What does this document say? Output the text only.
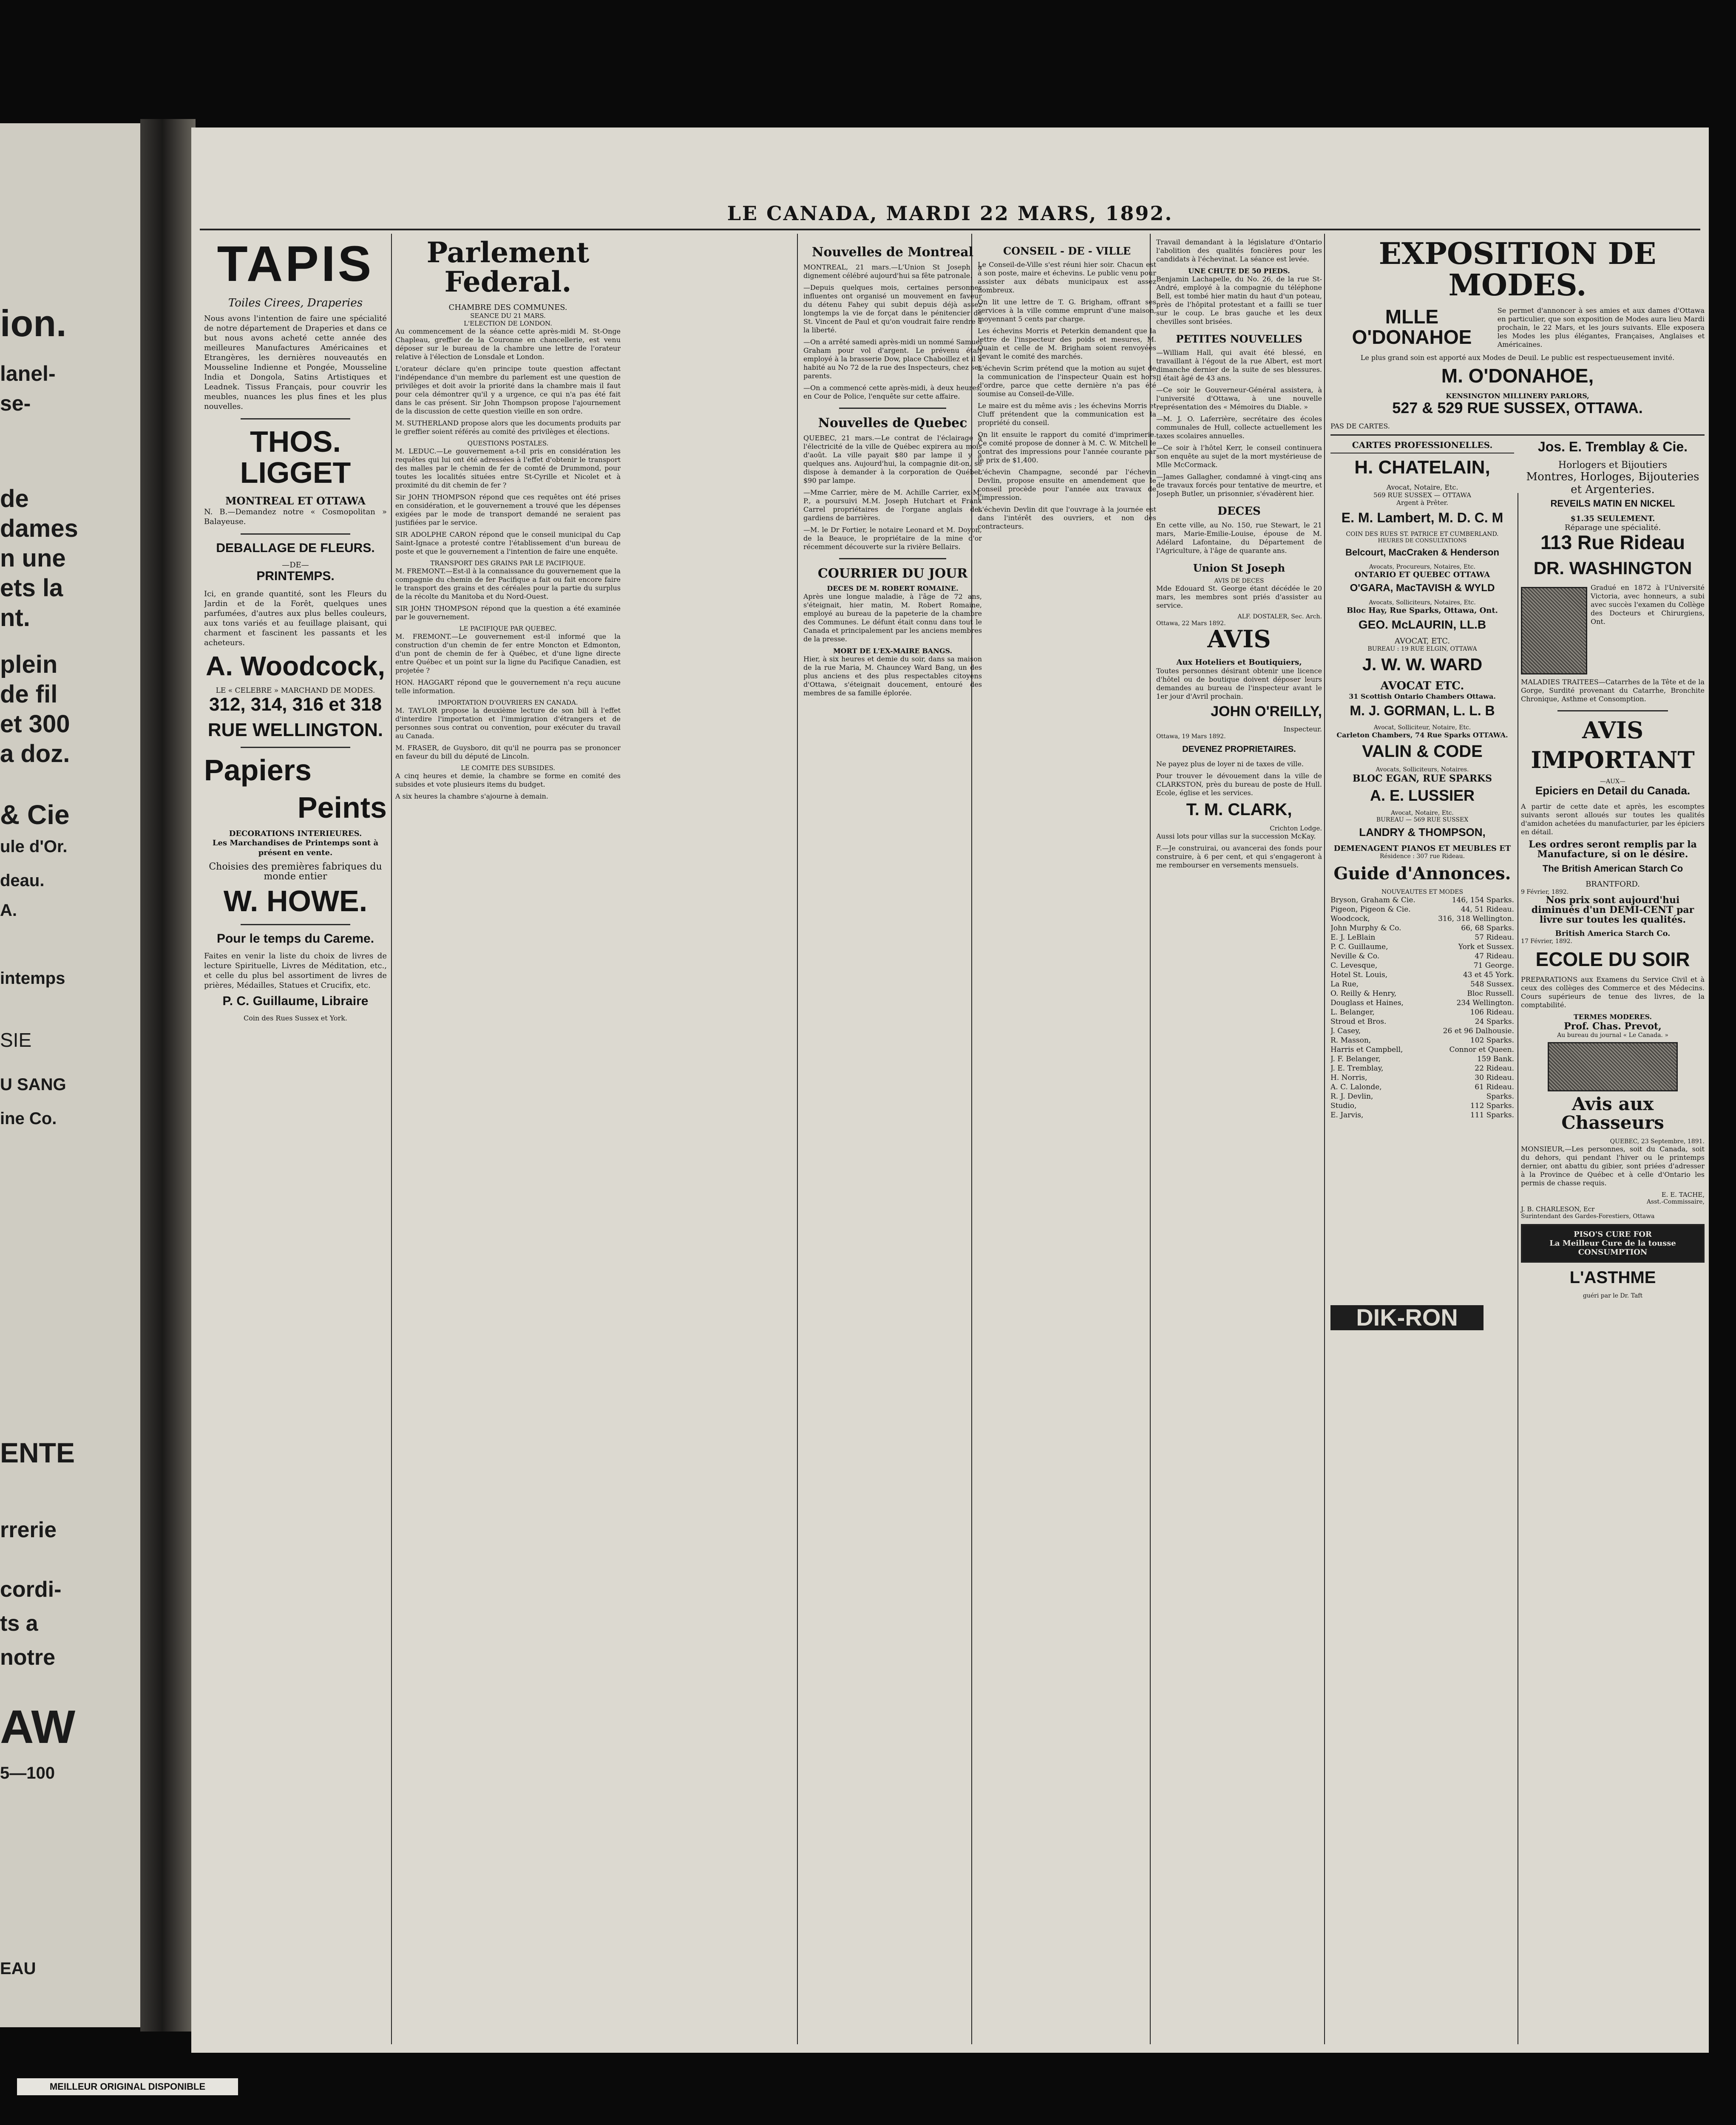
ion.
lanel-
se-
de
dames
n une
ets la
nt.
plein
de fil
et 300
a doz.
& Cie
ule d'Or.
deau.
A.
intemps
SIE
U SANG
ine Co.
ENTE
rrerie
cordi-
ts a
notre
AW
5—100
EAU
LE CANADA, MARDI 22 MARS, 1892.
TAPIS
Toiles Cirees, Draperies

Nous avons l'intention de faire une spécialité de notre département de Draperies et dans ce but nous avons acheté cette année des meilleures Manufactures Américaines et Etrangères, les dernières nouveautés en Mousseline Indienne et Pongée, Mousseline India et Dongola, Satins Artistiques et Leadnek. Tissus Français, pour couvrir les meubles, nuances les plus fines et les plus nouvelles.

THOS. LIGGET
MONTREAL ET OTTAWA

N. B.—Demandez notre « Cosmopolitan » Balayeuse.

DEBALLAGE DE FLEURS.
—DE—
PRINTEMPS.

Ici, en grande quantité, sont les Fleurs du Jardin et de la Forêt, quelques unes parfumées, d'autres aux plus belles couleurs, aux tons variés et au feuillage plaisant, qui charment et fascinent les passants et les acheteurs.

A. Woodcock,
LE « CELEBRE » MARCHAND DE MODES.
312, 314, 316 et 318
RUE WELLINGTON.
Papiers
Peints
DECORATIONS INTERIEURES.

Les Marchandises de Printemps sont à présent en vente.

Choisies des premières fabriques du monde entier

W. HOWE.
Pour le temps du Careme.

Faites en venir la liste du choix de livres de lecture Spirituelle, Livres de Méditation, etc., et celle du plus bel assortiment de livres de prières, Médailles, Statues et Crucifix, etc.

P. C. Guillaume, Libraire
Coin des Rues Sussex et York.
Parlement Federal.
CHAMBRE DES COMMUNES.
SEANCE DU 21 MARS.
L'ELECTION DE LONDON.

Au commencement de la séance cette après-midi M. St-Onge Chapleau, greffier de la Couronne en chancellerie, est venu déposer sur le bureau de la chambre une lettre de l'orateur relative à l'élection de Lonsdale et London.

L'orateur déclare qu'en principe toute question affectant l'indépendance d'un membre du parlement est une question de privilèges et doit avoir la priorité dans la chambre mais il faut pour cela démontrer qu'il y a urgence, ce qui n'a pas été fait dans le cas présent. Sir John Thompson propose l'ajournement de la discussion de cette question vieille en son ordre.

M. SUTHERLAND propose alors que les documents produits par le greffier soient référés au comité des privilèges et élections.

QUESTIONS POSTALES.

M. LEDUC.—Le gouvernement a-t-il pris en considération les requêtes qui lui ont été adressées à l'effet d'obtenir le transport des malles par le chemin de fer de comté de Drummond, pour toutes les localités situées entre St-Cyrille et Nicolet et à proximité du dit chemin de fer ?

Sir JOHN THOMPSON répond que ces requêtes ont été prises en considération, et le gouvernement a trouvé que les dépenses exigées par le mode de transport demandé ne seraient pas justifiées par le service.

SIR ADOLPHE CARON répond que le conseil municipal du Cap Saint-Ignace a protesté contre l'établissement d'un bureau de poste et que le gouvernement a l'intention de faire une enquête.

TRANSPORT DES GRAINS PAR LE PACIFIQUE.

M. FREMONT.—Est-il à la connaissance du gouvernement que la compagnie du chemin de fer Pacifique a fait ou fait encore faire le transport des grains et des céréales pour la partie du surplus de la récolte du Manitoba et du Nord-Ouest.

SIR JOHN THOMPSON répond que la question a été examinée par le gouvernement.

LE PACIFIQUE PAR QUEBEC.

M. FREMONT.—Le gouvernement est-il informé que la construction d'un chemin de fer entre Moncton et Edmonton, d'un pont de chemin de fer à Québec, et d'une ligne directe entre Québec et un point sur la ligne du Pacifique Canadien, est projetée ?

HON. HAGGART répond que le gouvernement n'a reçu aucune telle information.

IMPORTATION D'OUVRIERS EN CANADA.

M. TAYLOR propose la deuxième lecture de son bill à l'effet d'interdire l'importation et l'immigration d'étrangers et de personnes sous contrat ou convention, pour exécuter du travail au Canada.

M. FRASER, de Guysboro, dit qu'il ne pourra pas se prononcer en faveur du bill du député de Lincoln.

LE COMITE DES SUBSIDES.

A cinq heures et demie, la chambre se forme en comité des subsides et vote plusieurs items du budget.

A six heures la chambre s'ajourne à demain.

Nouvelles de Montreal

MONTREAL, 21 mars.—L'Union St Joseph a dignement célébré aujourd'hui sa fête patronale.

—Depuis quelques mois, certaines personnes influentes ont organisé un mouvement en faveur du détenu Fahey qui subit depuis déjà assez longtemps la vie de forçat dans le pénitencier de St. Vincent de Paul et qu'on voudrait faire rendre à la liberté.

—On a arrêté samedi après-midi un nommé Samuel Graham pour vol d'argent. Le prévenu était employé à la brasserie Dow, place Chaboillez et il a habité au No 72 de la rue des Inspecteurs, chez ses parents.

—On a commencé cette après-midi, à deux heures, en Cour de Police, l'enquête sur cette affaire.

Nouvelles de Quebec

QUEBEC, 21 mars.—Le contrat de l'éclairage à l'électricité de la ville de Québec expirera au mois d'août. La ville payait $80 par lampe il y a quelques ans. Aujourd'hui, la compagnie dit-on, se dispose à demander à la corporation de Québec $90 par lampe.

—Mme Carrier, mère de M. Achille Carrier, ex-M. P., a poursuivi M.M. Joseph Hutchart et Frank Carrel propriétaires de l'organe anglais des gardiens de barrières.

—M. le Dr Fortier, le notaire Leonard et M. Doyon, de la Beauce, le propriétaire de la mine d'or récemment découverte sur la rivière Bellairs.

COURRIER DU JOUR
DECES DE M. ROBERT ROMAINE.

Après une longue maladie, à l'âge de 72 ans, s'éteignait, hier matin, M. Robert Romaine, employé au bureau de la papeterie de la chambre des Communes. Le défunt était connu dans tout le Canada et principalement par les anciens membres de la presse.

MORT DE L'EX-MAIRE BANGS.

Hier, à six heures et demie du soir, dans sa maison de la rue Maria, M. Chauncey Ward Bang, un des plus anciens et des plus respectables citoyens d'Ottawa, s'éteignait doucement, entouré des membres de sa famille éplorée.

CONSEIL - DE - VILLE

Le Conseil-de-Ville s'est réuni hier soir. Chacun est à son poste, maire et échevins. Le public venu pour assister aux débats municipaux est assez nombreux.

On lit une lettre de T. G. Brigham, offrant ses services à la ville comme emprunt d'une maison, moyennant 5 cents par charge.

Les échevins Morris et Peterkin demandent que la lettre de l'inspecteur des poids et mesures, M. Quain et celle de M. Brigham soient renvoyées devant le comité des marchés.

L'échevin Scrim prétend que la motion au sujet de la communication de l'inspecteur Quain est hors d'ordre, parce que cette dernière n'a pas été soumise au Conseil-de-Ville.

Le maire est du même avis ; les échevins Morris et Cluff prétendent que la communication est la propriété du conseil.

On lit ensuite le rapport du comité d'imprimerie. Ce comité propose de donner à M. C. W. Mitchell le contrat des impressions pour l'année courante par le prix de $1,400.

L'échevin Champagne, secondé par l'échevin Devlin, propose ensuite en amendement que le conseil procède pour l'année aux travaux de l'impression.

L'échevin Devlin dit que l'ouvrage à la journée est dans l'intérêt des ouvriers, et non des contracteurs.

Travail demandant à la législature d'Ontario l'abolition des qualités foncières pour les candidats à l'échevinat. La séance est levée.

UNE CHUTE DE 50 PIEDS.

Benjamin Lachapelle, du No. 26, de la rue St-André, employé à la compagnie du téléphone Bell, est tombé hier matin du haut d'un poteau, près de l'hôpital protestant et a failli se tuer sur le coup. Le bras gauche et les deux chevilles sont brisées.

PETITES NOUVELLES

—William Hall, qui avait été blessé, en travaillant à l'égout de la rue Albert, est mort dimanche dernier de la suite de ses blessures. Il était âgé de 43 ans.

—Ce soir le Gouverneur-Général assistera, à l'université d'Ottawa, à une nouvelle représentation des « Mémoires du Diable. »

—M. J. O. Laferrière, secrétaire des écoles communales de Hull, collecte actuellement les taxes scolaires annuelles.

—Ce soir à l'hôtel Kerr, le conseil continuera son enquête au sujet de la mort mystérieuse de Mlle McCormack.

—James Gallagher, condamné à vingt-cinq ans de travaux forcés pour tentative de meurtre, et Joseph Butler, un prisonnier, s'évadèrent hier.

DECES

En cette ville, au No. 150, rue Stewart, le 21 mars, Marie-Emilie-Louise, épouse de M. Adélard Lafontaine, du Département de l'Agriculture, à l'âge de quarante ans.

Union St Joseph
AVIS DE DECES

Mde Edouard St. George étant décédée le 20 mars, les membres sont priés d'assister au service.

ALF. DOSTALER, Sec. Arch.
Ottawa, 22 Mars 1892.
AVIS
Aux Hoteliers et Boutiquiers,

Toutes personnes désirant obtenir une licence d'hôtel ou de boutique doivent déposer leurs demandes au bureau de l'inspecteur avant le 1er jour d'Avril prochain.

JOHN O'REILLY,
Inspecteur.
Ottawa, 19 Mars 1892.
DEVENEZ PROPRIETAIRES.

Ne payez plus de loyer ni de taxes de ville.

Pour trouver le dévouement dans la ville de CLARKSTON, près du bureau de poste de Hull. Ecole, église et les services.

T. M. CLARK,
Crichton Lodge.

Aussi lots pour villas sur la succession McKay.

F.—Je construirai, ou avancerai des fonds pour construire, à 6 per cent, et qui s'engageront à me rembourser en versements mensuels.

EXPOSITION DE MODES.
MLLE O'DONAHOE

Se permet d'annoncer à ses amies et aux dames d'Ottawa en particulier, que son exposition de Modes aura lieu Mardi prochain, le 22 Mars, et les jours suivants. Elle exposera les Modes les plus élégantes, Françaises, Anglaises et Américaines.

Le plus grand soin est apporté aux Modes de Deuil. Le public est respectueusement invité.

M. O'DONAHOE,
KENSINGTON MILLINERY PARLORS,
527 & 529 RUE SUSSEX, OTTAWA.
PAS DE CARTES.
CARTES PROFESSIONELLES.
H. CHATELAIN,
Avocat, Notaire, Etc.
569 RUE SUSSEX — OTTAWA
Argent à Prêter.
E. M. Lambert, M. D. C. M
COIN DES RUES ST. PATRICE ET CUMBERLAND.
HEURES DE CONSULTATIONS
Belcourt, MacCraken & Henderson
Avocats, Procureurs, Notaires, Etc.
ONTARIO ET QUEBEC OTTAWA
O'GARA, MacTAVISH & WYLD
Avocats, Solliciteurs, Notaires, Etc.
Bloc Hay, Rue Sparks, Ottawa, Ont.
GEO. McLAURIN, LL.B
AVOCAT, ETC.
BUREAU : 19 RUE ELGIN, OTTAWA
J. W. W. WARD
AVOCAT ETC.
31 Scottish Ontario Chambers Ottawa.
M. J. GORMAN, L. L. B
Avocat, Solliciteur, Notaire, Etc.
Carleton Chambers, 74 Rue Sparks OTTAWA.
VALIN & CODE
Avocats, Solliciteurs, Notaires.
BLOC EGAN, RUE SPARKS
A. E. LUSSIER
Avocat, Notaire, Etc.
BUREAU — 569 RUE SUSSEX
LANDRY & THOMPSON,
DEMENAGENT PIANOS ET MEUBLES ET
Résidence : 307 rue Rideau.
Guide d'Annonces.
NOUVEAUTES ET MODES
Bryson, Graham & Cie.	146, 154 Sparks.
Pigeon, Pigeon & Cie.	44, 51 Rideau.
Woodcock,	316, 318 Wellington.
John Murphy & Co.	66, 68 Sparks.
E. J. LeBlain	57 Rideau.
P. C. Guillaume,	York et Sussex.
Neville & Co.	47 Rideau.
C. Levesque,	71 George.
Hotel St. Louis,	43 et 45 York.
La Rue,	548 Sussex.
O. Reilly & Henry,	Bloc Russell.
Douglass et Haines,	234 Wellington.
L. Belanger,	106 Rideau.
Stroud et Bros.	24 Sparks.
J. Casey,	26 et 96 Dalhousie.
R. Masson,	102 Sparks.
Harris et Campbell,	Connor et Queen.
J. F. Belanger,	159 Bank.
J. E. Tremblay,	22 Rideau.
H. Norris,	30 Rideau.
A. C. Lalonde,	61 Rideau.
R. J. Devlin,	Sparks.
Studio,	112 Sparks.
E. Jarvis,	111 Sparks.
Jos. E. Tremblay & Cie.
Horlogers et Bijoutiers
Montres, Horloges, Bijouteries et Argenteries.
REVEILS MATIN EN NICKEL
$1.35 SEULEMENT.
Réparage une spécialité.
113 Rue Rideau
DR. WASHINGTON

Gradué en 1872 à l'Université Victoria, avec honneurs, a subi avec succès l'examen du Collège des Docteurs et Chirurgiens, Ont.

MALADIES TRAITEES—Catarrhes de la Tête et de la Gorge, Surdité provenant du Catarrhe, Bronchite Chronique, Asthme et Consomption.

AVIS
IMPORTANT
—AUX—
Epiciers en Detail du Canada.

A partir de cette date et après, les escomptes suivants seront alloués sur toutes les qualités d'amidon achetées du manufacturier, par les épiciers en détail.

Les ordres seront remplis par la Manufacture, si on le désire.

The British American Starch Co
BRANTFORD.
9 Février, 1892.

Nos prix sont aujourd'hui diminués d'un DEMI-CENT par livre sur toutes les qualités.

British America Starch Co.
17 Février, 1892.
ECOLE DU SOIR

PREPARATIONS aux Examens du Service Civil et à ceux des collèges des Commerce et des Médecins. Cours supérieurs de tenue des livres, de la comptabilité.

TERMES MODERES.
Prof. Chas. Prevot,
Au bureau du journal « Le Canada. »
Avis aux Chasseurs
QUEBEC, 23 Septembre, 1891.

MONSIEUR,—Les personnes, soit du Canada, soit du dehors, qui pendant l'hiver ou le printemps dernier, ont abattu du gibier, sont priées d'adresser à la Province de Québec et à celle d'Ontario les permis de chasse requis.

E. E. TACHE,
Asst.-Commissaire,
J. B. CHARLESON, Ecr
Surintendant des Gardes-Forestiers, Ottawa
PISO'S CURE FOR
La Meilleur Cure de la tousse
CONSUMPTION
L'ASTHME
guéri par le Dr. Taft
DIK-RON
MEILLEUR ORIGINAL DISPONIBLE
